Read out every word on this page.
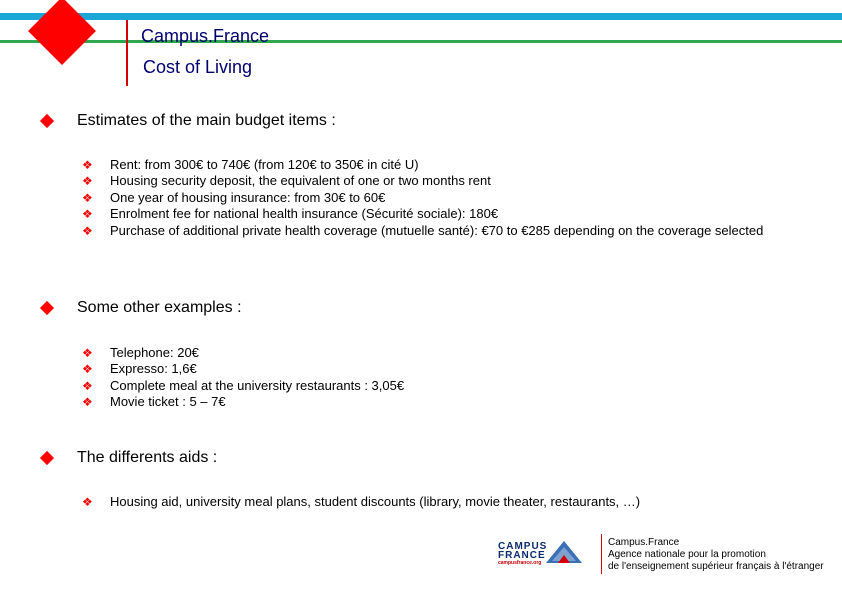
Campus.France
Cost of Living
Estimates of the main budget items :
❖	Rent: from 300€ to 740€ (from 120€ to 350€ in cité U)
❖	Housing security deposit, the equivalent of one or two months rent
❖	One year of housing insurance: from 30€ to 60€
❖	Enrolment fee for national health insurance (Sécurité sociale): 180€
❖	Purchase of additional private health coverage (mutuelle santé): €70 to €285 depending on the coverage selected
Some other examples :
❖	Telephone: 20€
❖	Expresso: 1,6€
❖	Complete meal at the university restaurants : 3,05€
❖	Movie ticket : 5 – 7€
The differents aids :
❖	Housing aid, university meal plans, student discounts (library, movie theater, restaurants, …)
CAMPUS
FRANCE
campusfrance.org
Campus.France
Agence nationale pour la promotion
de l'enseignement supérieur français à l'étranger
